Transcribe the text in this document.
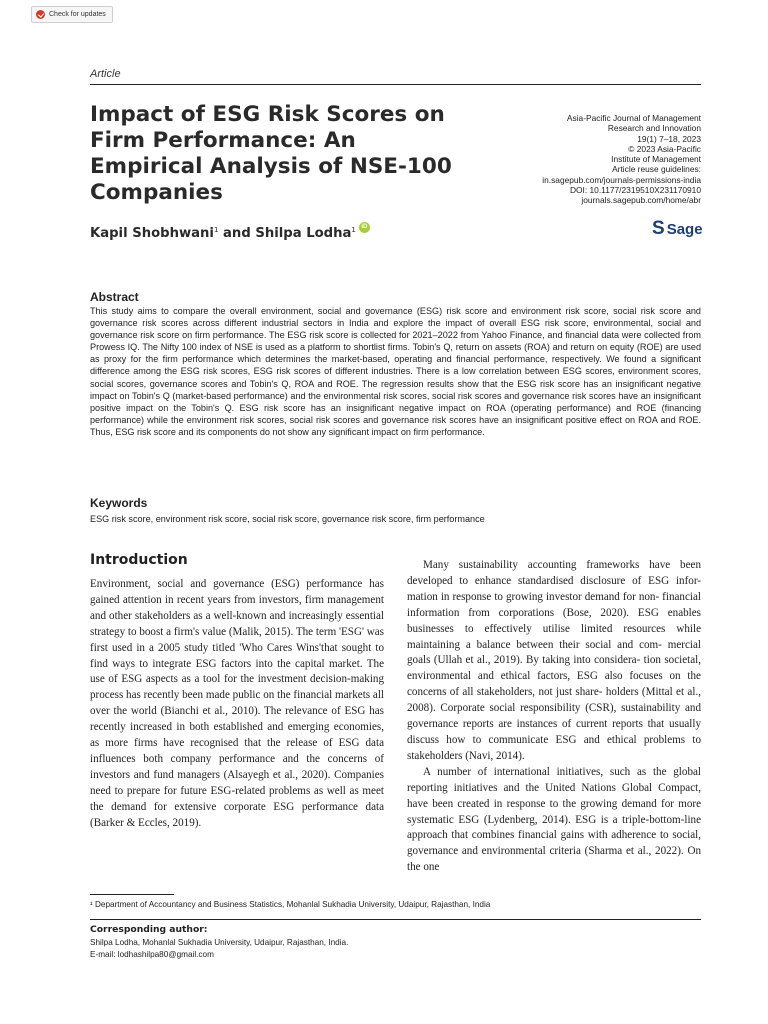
Check for updates
Article
Impact of ESG Risk Scores on Firm Performance: An Empirical Analysis of NSE-100 Companies
Asia-Pacific Journal of Management
Research and Innovation
19(1) 7–18, 2023
© 2023 Asia-Pacific
Institute of Management
Article reuse guidelines:
in.sagepub.com/journals-permissions-india
DOI: 10.1177/2319510X231170910
journals.sagepub.com/home/abr
S Sage
Kapil Shobhwani$^1$ and Shilpa Lodha$^1$ iD
Abstract
This study aims to compare the overall environment, social and governance (ESG) risk score and environment risk score, social risk score and governance risk scores across different industrial sectors in India and explore the impact of overall ESG risk score, environmental, social and governance risk score on firm performance. The ESG risk score is collected for 2021–2022 from Yahoo Finance, and financial data were collected from Prowess IQ. The Nifty 100 index of NSE is used as a platform to shortlist firms. Tobin's Q, return on assets (ROA) and return on equity (ROE) are used as proxy for the firm performance which determines the market-based, operating and financial performance, respectively. We found a significant difference among the ESG risk scores, ESG risk scores of different industries. There is a low correlation between ESG scores, environment scores, social scores, governance scores and Tobin's Q, ROA and ROE. The regression results show that the ESG risk score has an insignificant negative impact on Tobin's Q (market-based performance) and the environmental risk scores, social risk scores and governance risk scores have an insignificant positive impact on the Tobin's Q. ESG risk score has an insignificant negative impact on ROA (operating performance) and ROE (financing performance) while the environment risk scores, social risk scores and governance risk scores have an insignificant positive effect on ROA and ROE. Thus, ESG risk score and its components do not show any significant impact on firm performance.
Keywords
ESG risk score, environment risk score, social risk score, governance risk score, firm performance
Introduction
Environment, social and governance (ESG) performance has gained attention in recent years from investors, firm management and other stakeholders as a well-known and increasingly essential strategy to boost a firm's value (Malik, 2015). The term 'ESG' was first used in a 2005 study titled 'Who Cares Wins'that sought to find ways to integrate ESG factors into the capital market. The use of ESG aspects as a tool for the investment decision-making process has recently been made public on the financial markets all over the world (Bianchi et al., 2010). The relevance of ESG has recently increased in both established and emerging economies, as more firms have recognised that the release of ESG data influences both company performance and the concerns of investors and fund managers (Alsayegh et al., 2020). Companies need to prepare for future ESG-related problems as well as meet the demand for extensive corporate ESG performance data (Barker & Eccles, 2019).

Many sustainability accounting frameworks have been developed to enhance standardised disclosure of ESG infor- mation in response to growing investor demand for non- financial information from corporations (Bose, 2020). ESG enables businesses to effectively utilise limited resources while maintaining a balance between their social and com- mercial goals (Ullah et al., 2019). By taking into considera- tion societal, environmental and ethical factors, ESG also focuses on the concerns of all stakeholders, not just share- holders (Mittal et al., 2008). Corporate social responsibility (CSR), sustainability and governance reports are instances of current reports that usually discuss how to communicate ESG and ethical problems to stakeholders (Navi, 2014).

A number of international initiatives, such as the global reporting initiatives and the United Nations Global Compact, have been created in response to the growing demand for more systematic ESG (Lydenberg, 2014). ESG is a triple-bottom-line approach that combines financial gains with adherence to social, governance and environmental criteria (Sharma et al., 2022). On the one

¹ Department of Accountancy and Business Statistics, Mohanlal Sukhadia University, Udaipur, Rajasthan, India
Corresponding author:
Shilpa Lodha, Mohanlal Sukhadia University, Udaipur, Rajasthan, India.
E-mail: lodhashilpa80@gmail.com
